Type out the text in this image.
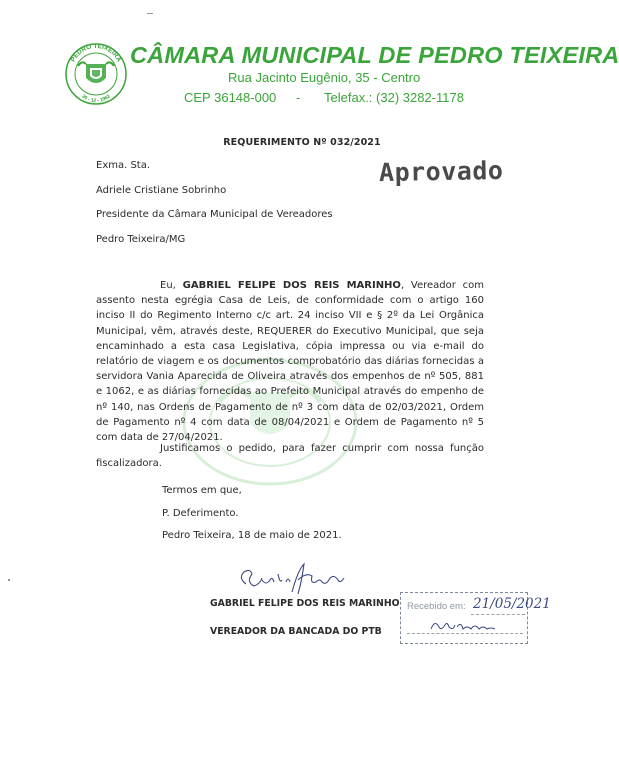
PEDRO TEIXEIRA
30 - 12 - 1962
CÂMARA MUNICIPAL DE PEDRO TEIXEIRA
Rua Jacinto Eugênio, 35 - Centro
CEP 36148-000 - Telefax.: (32) 3282-1178
REQUERIMENTO Nº 032/2021
Exma. Sta.
Adriele Cristiane Sobrinho
Presidente da Câmara Municipal de Vereadores
Pedro Teixeira/MG
Aprovado
Eu, GABRIEL FELIPE DOS REIS MARINHO, Vereador com assento nesta egrégia Casa de Leis, de conformidade com o artigo 160 inciso II do Regimento Interno c/c art. 24 inciso VII e § 2º da Lei Orgânica Municipal, vêm, através deste, REQUERER do Executivo Municipal, que seja encaminhado a esta casa Legislativa, cópia impressa ou via e-mail do relatório de viagem e os documentos comprobatório das diárias fornecidas a servidora Vania Aparecida de Oliveira através dos empenhos de nº 505, 881 e 1062, e as diárias fornecidas ao Prefeito Municipal através do empenho de nº 140, nas Ordens de Pagamento de nº 3 com data de 02/03/2021, Ordem de Pagamento nº 4 com data de 08/04/2021 e Ordem de Pagamento nº 5 com data de 27/04/2021.
Justificamos o pedido, para fazer cumprir com nossa função fiscalizadora.
Termos em que,
P. Deferimento.
Pedro Teixeira, 18 de maio de 2021.
GABRIEL FELIPE DOS REIS MARINHO
VEREADOR DA BANCADA DO PTB
Recebido em: 21/05/2021
